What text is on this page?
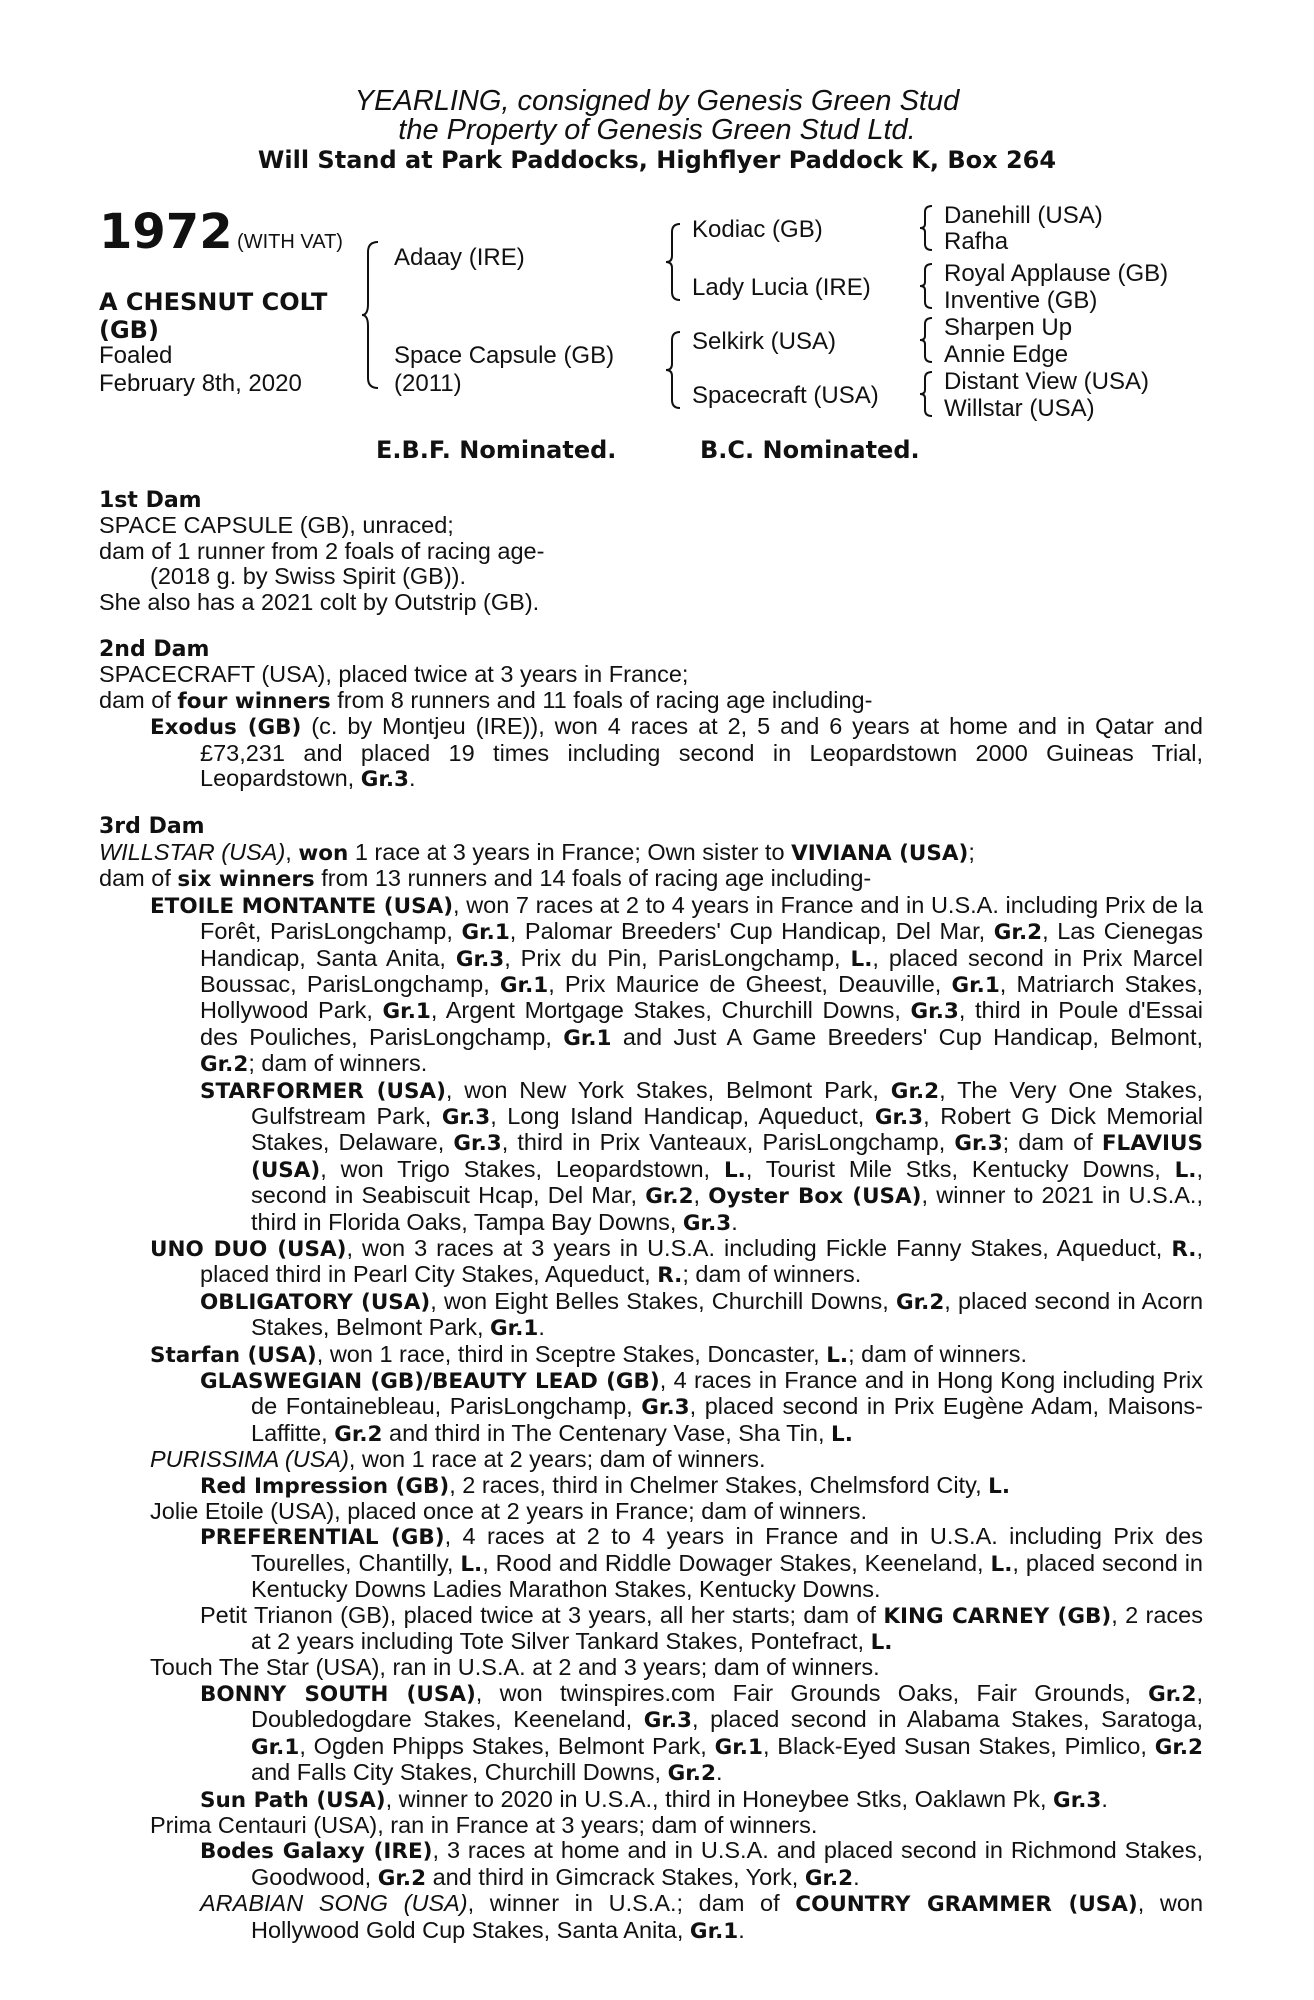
YEARLING, consigned by Genesis Green Stud
the Property of Genesis Green Stud Ltd.
Will Stand at Park Paddocks, Highflyer Paddock K, Box 264
1972 (WITH VAT)
A CHESNUT COLT
(GB)
Foaled
February 8th, 2020
Adaay (IRE)
Space Capsule (GB)
(2011)
Kodiac (GB)
Lady Lucia (IRE)
Selkirk (USA)
Spacecraft (USA)
Danehill (USA)
Rafha
Royal Applause (GB)
Inventive (GB)
Sharpen Up
Annie Edge
Distant View (USA)
Willstar (USA)
E.B.F. Nominated.	B.C. Nominated.
1st Dam

SPACE CAPSULE (GB), unraced;

dam of 1 runner from 2 foals of racing age-

(2018 g. by Swiss Spirit (GB)).

She also has a 2021 colt by Outstrip (GB).

2nd Dam

SPACECRAFT (USA), placed twice at 3 years in France;

dam of four winners from 8 runners and 11 foals of racing age including-

Exodus (GB) (c. by Montjeu (IRE)), won 4 races at 2, 5 and 6 years at home and in Qatar and £73,231 and placed 19 times including second in Leopardstown 2000 Guineas Trial, Leopardstown, Gr.3.

3rd Dam

WILLSTAR (USA), won 1 race at 3 years in France; Own sister to VIVIANA (USA);

dam of six winners from 13 runners and 14 foals of racing age including-

ETOILE MONTANTE (USA), won 7 races at 2 to 4 years in France and in U.S.A. including Prix de la Forêt, ParisLongchamp, Gr.1, Palomar Breeders' Cup Handicap, Del Mar, Gr.2, Las Cienegas Handicap, Santa Anita, Gr.3, Prix du Pin, ParisLongchamp, L., placed second in Prix Marcel Boussac, ParisLongchamp, Gr.1, Prix Maurice de Gheest, Deauville, Gr.1, Matriarch Stakes, Hollywood Park, Gr.1, Argent Mortgage Stakes, Churchill Downs, Gr.3, third in Poule d'Essai des Pouliches, ParisLongchamp, Gr.1 and Just A Game Breeders' Cup Handicap, Belmont, Gr.2; dam of winners.

STARFORMER (USA), won New York Stakes, Belmont Park, Gr.2, The Very One Stakes, Gulfstream Park, Gr.3, Long Island Handicap, Aqueduct, Gr.3, Robert G Dick Memorial Stakes, Delaware, Gr.3, third in Prix Vanteaux, ParisLongchamp, Gr.3; dam of FLAVIUS (USA), won Trigo Stakes, Leopardstown, L., Tourist Mile Stks, Kentucky Downs, L., second in Seabiscuit Hcap, Del Mar, Gr.2, Oyster Box (USA), winner to 2021 in U.S.A., third in Florida Oaks, Tampa Bay Downs, Gr.3.

UNO DUO (USA), won 3 races at 3 years in U.S.A. including Fickle Fanny Stakes, Aqueduct, R., placed third in Pearl City Stakes, Aqueduct, R.; dam of winners.

OBLIGATORY (USA), won Eight Belles Stakes, Churchill Downs, Gr.2, placed second in Acorn Stakes, Belmont Park, Gr.1.

Starfan (USA), won 1 race, third in Sceptre Stakes, Doncaster, L.; dam of winners.

GLASWEGIAN (GB)/BEAUTY LEAD (GB), 4 races in France and in Hong Kong including Prix de Fontainebleau, ParisLongchamp, Gr.3, placed second in Prix Eugène Adam, Maisons-Laffitte, Gr.2 and third in The Centenary Vase, Sha Tin, L.

PURISSIMA (USA), won 1 race at 2 years; dam of winners.

Red Impression (GB), 2 races, third in Chelmer Stakes, Chelmsford City, L.

Jolie Etoile (USA), placed once at 2 years in France; dam of winners.

PREFERENTIAL (GB), 4 races at 2 to 4 years in France and in U.S.A. including Prix des Tourelles, Chantilly, L., Rood and Riddle Dowager Stakes, Keeneland, L., placed second in Kentucky Downs Ladies Marathon Stakes, Kentucky Downs.

Petit Trianon (GB), placed twice at 3 years, all her starts; dam of KING CARNEY (GB), 2 races at 2 years including Tote Silver Tankard Stakes, Pontefract, L.

Touch The Star (USA), ran in U.S.A. at 2 and 3 years; dam of winners.

BONNY SOUTH (USA), won twinspires.com Fair Grounds Oaks, Fair Grounds, Gr.2, Doubledogdare Stakes, Keeneland, Gr.3, placed second in Alabama Stakes, Saratoga, Gr.1, Ogden Phipps Stakes, Belmont Park, Gr.1, Black-Eyed Susan Stakes, Pimlico, Gr.2 and Falls City Stakes, Churchill Downs, Gr.2.

Sun Path (USA), winner to 2020 in U.S.A., third in Honeybee Stks, Oaklawn Pk, Gr.3.

Prima Centauri (USA), ran in France at 3 years; dam of winners.

Bodes Galaxy (IRE), 3 races at home and in U.S.A. and placed second in Richmond Stakes, Goodwood, Gr.2 and third in Gimcrack Stakes, York, Gr.2.

ARABIAN SONG (USA), winner in U.S.A.; dam of COUNTRY GRAMMER (USA), won Hollywood Gold Cup Stakes, Santa Anita, Gr.1.
